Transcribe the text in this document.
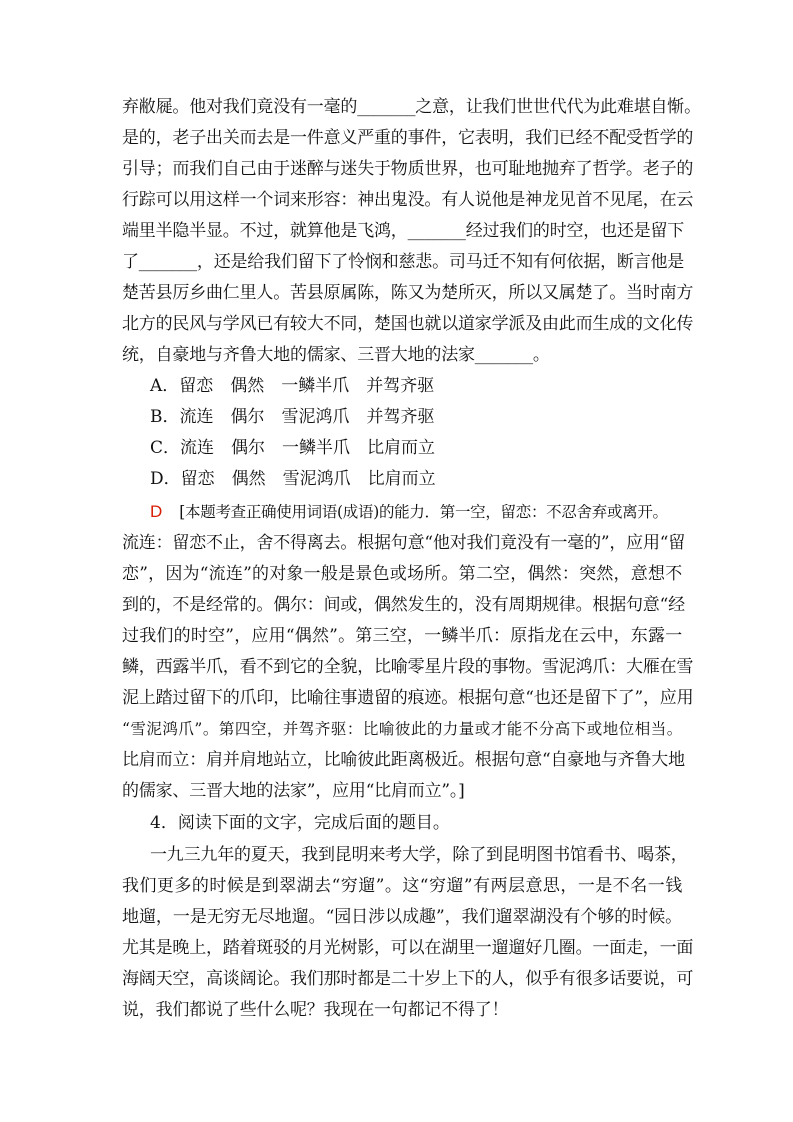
弃敝屣。他对我们竟没有一毫的_______之意，让我们世世代代为此难堪自惭。
是的，老子出关而去是一件意义严重的事件，它表明，我们已经不配受哲学的
引导；而我们自己由于迷醉与迷失于物质世界，也可耻地抛弃了哲学。老子的
行踪可以用这样一个词来形容：神出鬼没。有人说他是神龙见首不见尾，在云
端里半隐半显。不过，就算他是飞鸿，_______经过我们的时空，也还是留下
了_______，还是给我们留下了怜悯和慈悲。司马迁不知有何依据，断言他是
楚苦县厉乡曲仁里人。苦县原属陈，陈又为楚所灭，所以又属楚了。当时南方
北方的民风与学风已有较大不同，楚国也就以道家学派及由此而生成的文化传
统，自豪地与齐鲁大地的儒家、三晋大地的法家_______。
A．留恋　偶然　一鳞半爪　并驾齐驱
B．流连　偶尔　雪泥鸿爪　并驾齐驱
C．流连　偶尔　一鳞半爪　比肩而立
D．留恋　偶然　雪泥鸿爪　比肩而立
D [本题考查正确使用词语(成语)的能力．第一空，留恋：不忍舍弃或离开。
流连：留恋不止，舍不得离去。根据句意“他对我们竟没有一毫的”，应用“留
恋”，因为“流连”的对象一般是景色或场所。第二空，偶然：突然，意想不
到的，不是经常的。偶尔：间或，偶然发生的，没有周期规律。根据句意“经
过我们的时空”，应用“偶然”。第三空，一鳞半爪：原指龙在云中，东露一
鳞，西露半爪，看不到它的全貌，比喻零星片段的事物。雪泥鸿爪：大雁在雪
泥上踏过留下的爪印，比喻往事遗留的痕迹。根据句意“也还是留下了”，应用
“雪泥鸿爪”。第四空，并驾齐驱：比喻彼此的力量或才能不分高下或地位相当。
比肩而立：肩并肩地站立，比喻彼此距离极近。根据句意“自豪地与齐鲁大地
的儒家、三晋大地的法家”，应用“比肩而立”。]
4．阅读下面的文字，完成后面的题目。
一九三九年的夏天，我到昆明来考大学，除了到昆明图书馆看书、喝茶，
我们更多的时候是到翠湖去“穷遛”。这“穷遛”有两层意思，一是不名一钱
地遛，一是无穷无尽地遛。“园日涉以成趣”，我们遛翠湖没有个够的时候。
尤其是晚上，踏着斑驳的月光树影，可以在湖里一遛遛好几圈。一面走，一面
海阔天空，高谈阔论。我们那时都是二十岁上下的人，似乎有很多话要说，可
说，我们都说了些什么呢？我现在一句都记不得了！
